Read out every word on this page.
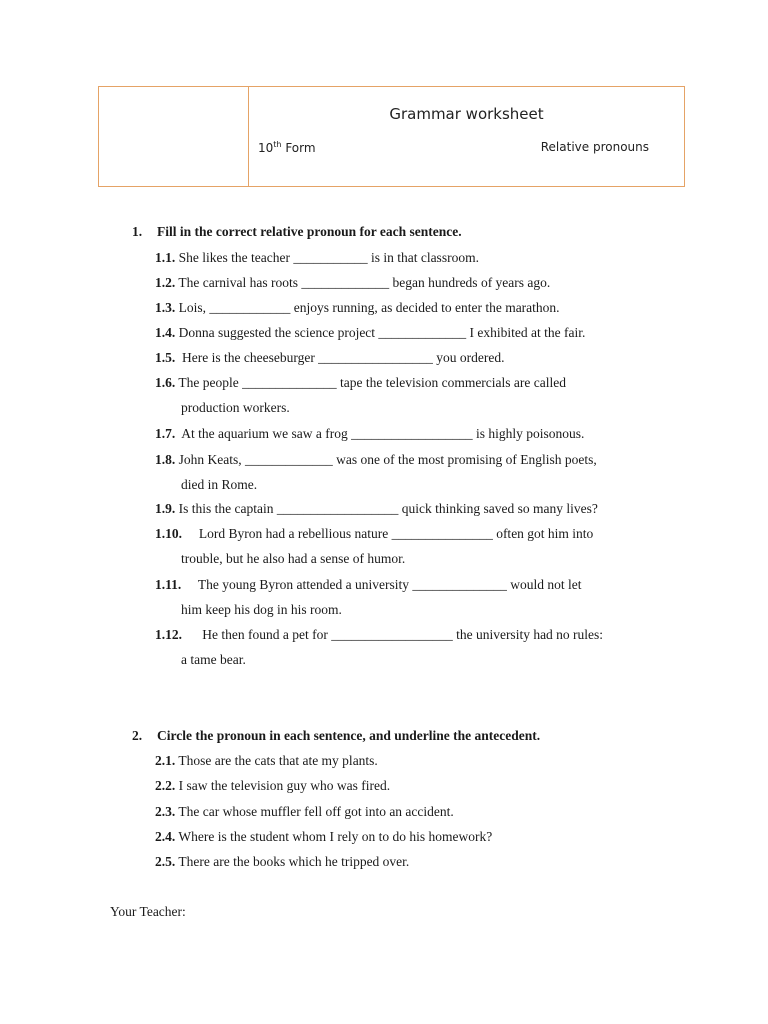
Grammar worksheet
10th Form	Relative pronouns
1. Fill in the correct relative pronoun for each sentence.
1.1. She likes the teacher ___________ is in that classroom.
1.2. The carnival has roots _____________ began hundreds of years ago.
1.3. Lois, ____________ enjoys running, as decided to enter the marathon.
1.4. Donna suggested the science project _____________ I exhibited at the fair.
1.5.  Here is the cheeseburger _________________ you ordered.
1.6. The people ______________ tape the television commercials are called
production workers.
1.7.  At the aquarium we saw a frog __________________ is highly poisonous.
1.8. John Keats, _____________ was one of the most promising of English poets,
died in Rome.
1.9. Is this the captain __________________ quick thinking saved so many lives?
1.10.     Lord Byron had a rebellious nature _______________ often got him into
trouble, but he also had a sense of humor.
1.11.     The young Byron attended a university ______________ would not let
him keep his dog in his room.
1.12.      He then found a pet for __________________ the university had no rules:
a tame bear.
2. Circle the pronoun in each sentence, and underline the antecedent.
2.1. Those are the cats that ate my plants.
2.2. I saw the television guy who was fired.
2.3. The car whose muffler fell off got into an accident.
2.4. Where is the student whom I rely on to do his homework?
2.5. There are the books which he tripped over.
Your Teacher:
